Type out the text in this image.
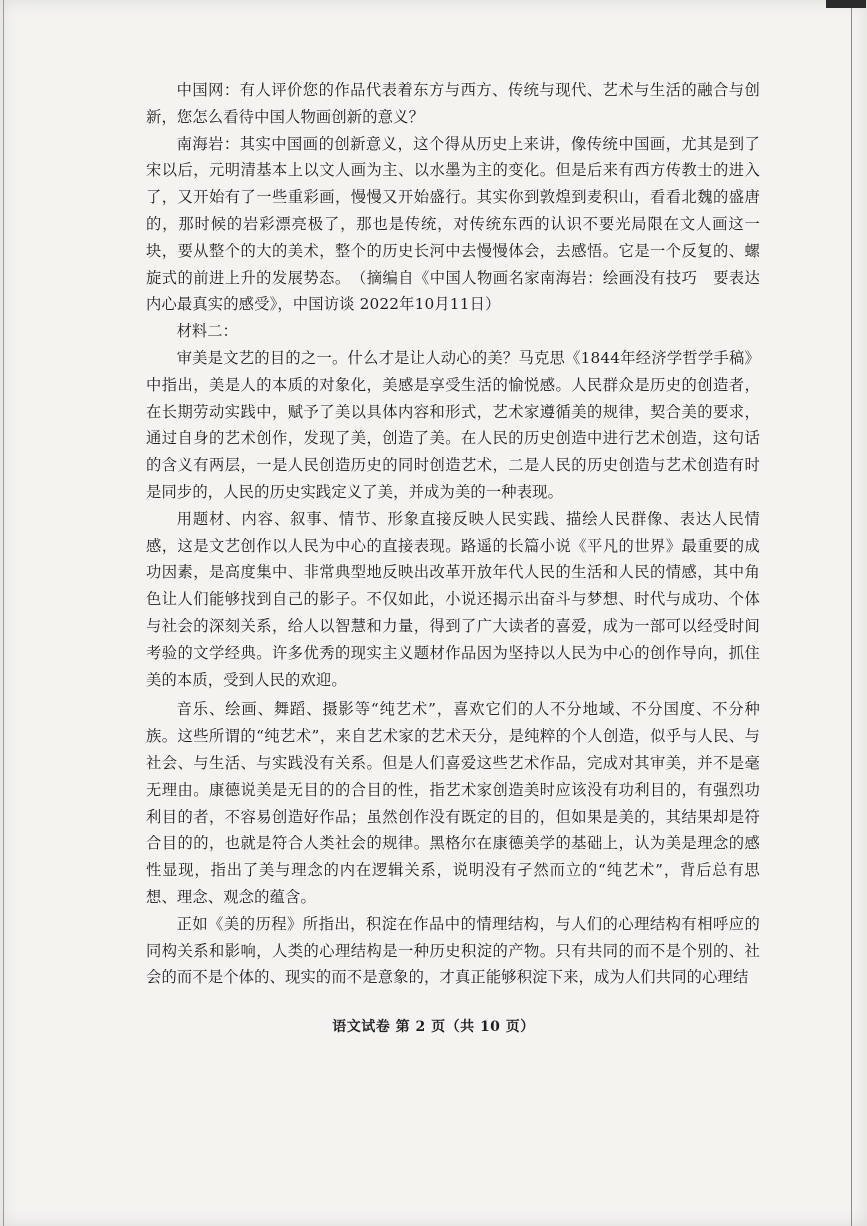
中国网：有人评价您的作品代表着东方与西方、传统与现代、艺术与生活的融合与创新，您怎么看待中国人物画创新的意义？

南海岩：其实中国画的创新意义，这个得从历史上来讲，像传统中国画，尤其是到了宋以后，元明清基本上以文人画为主、以水墨为主的变化。但是后来有西方传教士的进入了，又开始有了一些重彩画，慢慢又开始盛行。其实你到敦煌到麦积山，看看北魏的盛唐的，那时候的岩彩漂亮极了，那也是传统，对传统东西的认识不要光局限在文人画这一块，要从整个的大的美术，整个的历史长河中去慢慢体会，去感悟。它是一个反复的、螺旋式的前进上升的发展势态。　（摘编自《中国人物画名家南海岩：绘画没有技巧　要表达内心最真实的感受》，中国访谈 2022年10月11日）

材料二：

审美是文艺的目的之一。什么才是让人动心的美？马克思《1844年经济学哲学手稿》中指出，美是人的本质的对象化，美感是享受生活的愉悦感。人民群众是历史的创造者，在长期劳动实践中，赋予了美以具体内容和形式，艺术家遵循美的规律，契合美的要求，通过自身的艺术创作，发现了美，创造了美。在人民的历史创造中进行艺术创造，这句话的含义有两层，一是人民创造历史的同时创造艺术，二是人民的历史创造与艺术创造有时是同步的，人民的历史实践定义了美，并成为美的一种表现。

用题材、内容、叙事、情节、形象直接反映人民实践、描绘人民群像、表达人民情感，这是文艺创作以人民为中心的直接表现。路遥的长篇小说《平凡的世界》最重要的成功因素，是高度集中、非常典型地反映出改革开放年代人民的生活和人民的情感，其中角色让人们能够找到自己的影子。不仅如此，小说还揭示出奋斗与梦想、时代与成功、个体与社会的深刻关系，给人以智慧和力量，得到了广大读者的喜爱，成为一部可以经受时间考验的文学经典。许多优秀的现实主义题材作品因为坚持以人民为中心的创作导向，抓住美的本质，受到人民的欢迎。

音乐、绘画、舞蹈、摄影等“纯艺术”，喜欢它们的人不分地域、不分国度、不分种族。这些所谓的“纯艺术”，来自艺术家的艺术天分，是纯粹的个人创造，似乎与人民、与社会、与生活、与实践没有关系。但是人们喜爱这些艺术作品，完成对其审美，并不是毫无理由。康德说美是无目的的合目的性，指艺术家创造美时应该没有功利目的，有强烈功利目的者，不容易创造好作品；虽然创作没有既定的目的，但如果是美的，其结果却是符合目的的，也就是符合人类社会的规律。黑格尔在康德美学的基础上，认为美是理念的感性显现，指出了美与理念的内在逻辑关系，说明没有孑然而立的“纯艺术”，背后总有思想、理念、观念的蕴含。

正如《美的历程》所指出，积淀在作品中的情理结构，与人们的心理结构有相呼应的同构关系和影响，人类的心理结构是一种历史积淀的产物。只有共同的而不是个别的、社会的而不是个体的、现实的而不是意象的，才真正能够积淀下来，成为人们共同的心理结

语文试卷 第 2 页（共 10 页）
